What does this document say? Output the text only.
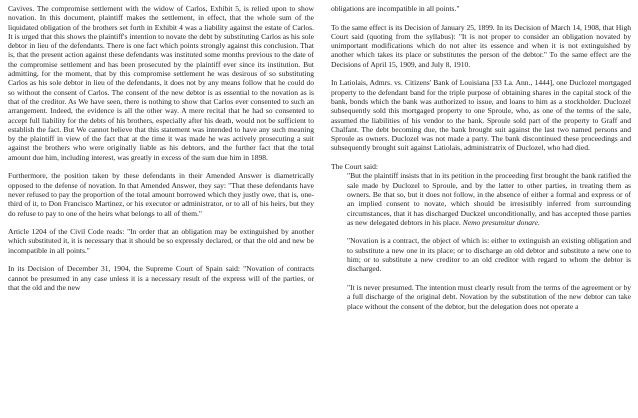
Cavives. The compromise settlement with the widow of Carlos, Exhibit 5, is relied upon to show novation. In this document, plaintiff makes the settlement, in effect, that the whole sum of the liquidated obligation of the brothers set forth in Exhibit 4 was a liability against the estate of Carlos. It is urged that this shows the plaintiff's intention to novate the debt by substituting Carlos as his sole debtor in lieu of the defendants. There is one fact which points strongly against this conclusion. That is, that the present action against these defendants was instituted some months previous to the date of the compromise settlement and has been prosecuted by the plaintiff ever since its institution. But admitting, for the moment, that by this compromise settlement he was desirous of so substituting Carlos as his sole debtor in lieu of the defendants, it does not by any means follow that he could do so without the consent of Carlos. The consent of the new debtor is as essential to the novation as is that of the creditor. As We have seen, there is nothing to show that Carlos ever consented to such an arrangement. Indeed, the evidence is all the other way. A mere recital that he had so consented to accept full liability for the debts of his brothers, especially after his death, would not be sufficient to establish the fact. But We cannot believe that this statement was intended to have any such meaning by the plaintiff in view of the fact that at the time it was made he was actively prosecuting a suit against the brothers who were originally liable as his debtors, and the further fact that the total amount due him, including interest, was greatly in excess of the sum due him in 1898.

Furthermore, the position taken by these defendants in their Amended Answer is diametrically opposed to the defense of novation. In that Amended Answer, they say: "That these defendants have never refused to pay the proportion of the total amount borrowed which they justly owe, that is, one-third of it, to Don Francisco Martinez, or his executor or administrator, or to all of his heirs, but they do refuse to pay to one of the heirs what belongs to all of them."

Article 1204 of the Civil Code reads: "In order that an obligation may be extinguished by another which substituted it, it is necessary that it should be so expressly declared, or that the old and new be incompatible in all points."

In its Decision of December 31, 1904, the Supreme Court of Spain said: "Novation of contracts cannot be presumed in any case unless it is a necessary result of the express will of the parties, or that the old and the new

obligations are incompatible in all points."

To the same effect is its Decision of January 25, 1899. In its Decision of March 14, 1908, that High Court said (quoting from the syllabus): "It is not proper to consider an obligation novated by unimportant modifications which do not alter its essence and when it is not extinguished by another which takes its place or substitutes the person of the debtor." To the same effect are the Decisions of April 15, 1909, and July 8, 1910.

In Latiolais, Admrs. vs. Citizens' Bank of Louisiana [33 La. Ann., 1444], one Duclozel mortgaged property to the defendant band for the triple purpose of obtaining shares in the capital stock of the bank, bonds which the bank was authorized to issue, and loans to him as a stockholder. Duclozel subsequently sold this mortgaged property to one Sproule, who, as one of the terms of the sale, assumed the liabilities of his vendor to the bank. Sproule sold part of the property to Graff and Chalfant. The debt becoming due, the bank brought suit against the last two named persons and Sproule as owners. Duclozel was not made a party. The bank discontinued these proceedings and subsequently brought suit against Latiolais, administratrix of Duclozel, who had died.

The Court said:

"But the plaintiff insists that in its petition in the proceeding first brought the bank ratified the sale made by Duclozel to Sproule, and by the latter to other parties, in treating them as owners. Be that so, but it does not follow, in the absence of either a formal and express or of an implied consent to novate, which should be irresistibly inferred from surrounding circumstances, that it has discharged Duckzel unconditionally, and has accepted those parties as new delegated debtors in his place. Nemo presumitur donare.

"Novation is a contract, the object of which is: either to extinguish an existing obligation and to substitute a new one in its place; or to discharge an old debtor and substitute a new one to him; or to substitute a new creditor to an old creditor with regard to whom the debtor is discharged.

"It is never presumed. The intention must clearly result from the terms of the agreement or by a full discharge of the original debt. Novation by the substitution of the new debtor can take place without the consent of the debtor, but the delegation does not operate a
